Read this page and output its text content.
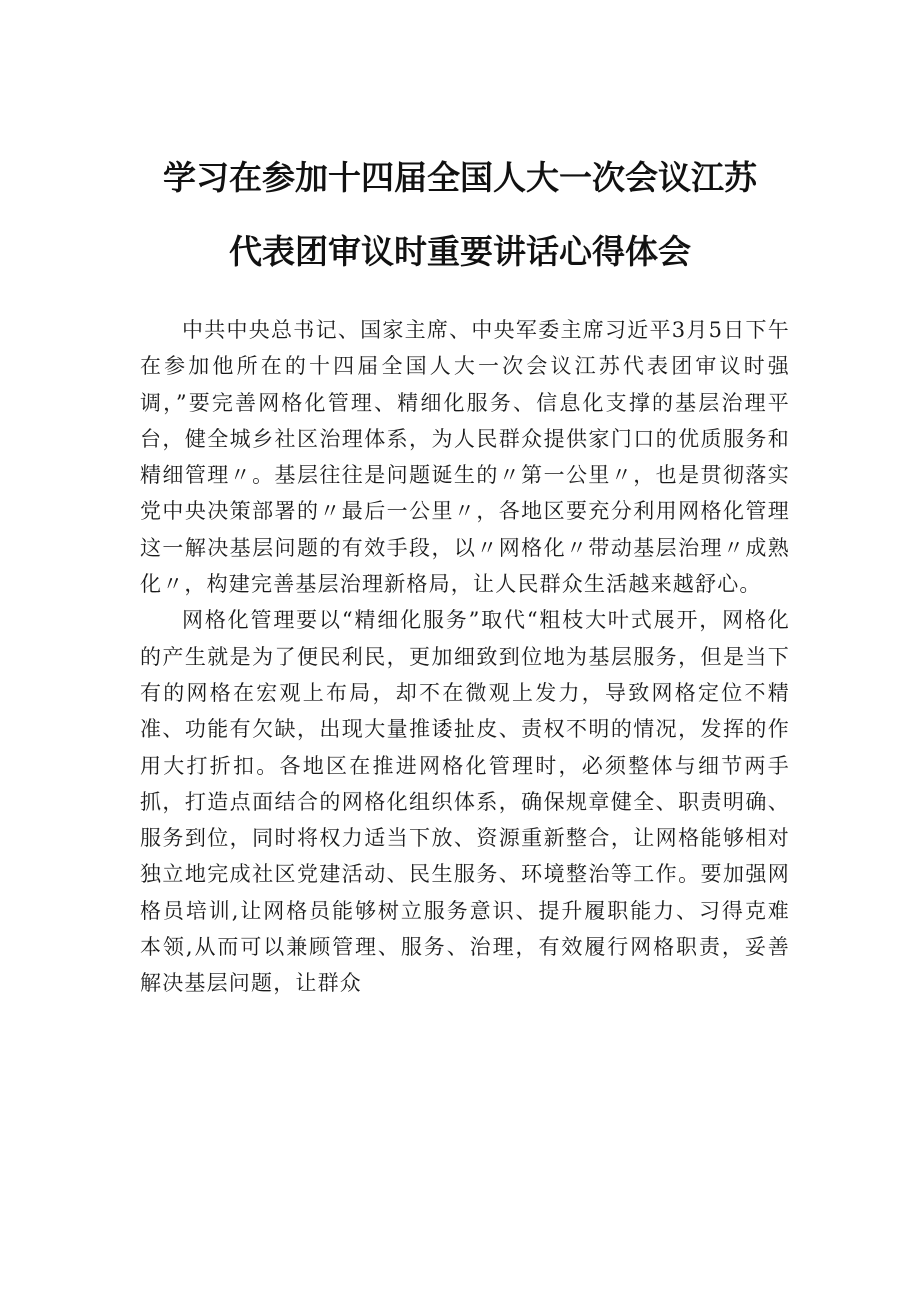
学习在参加十四届全国人大一次会议江苏
代表团审议时重要讲话心得体会

中共中央总书记、国家主席、中央军委主席习近平3月5日下午在参加他所在的十四届全国人大一次会议江苏代表团审议时强调，”要完善网格化管理、精细化服务、信息化支撑的基层治理平台，健全城乡社区治理体系，为人民群众提供家门口的优质服务和精细管理〃。基层往往是问题诞生的〃第一公里〃，也是贯彻落实党中央决策部署的〃最后一公里〃，各地区要充分利用网格化管理这一解决基层问题的有效手段，以〃网格化〃带动基层治理〃成熟化〃，构建完善基层治理新格局，让人民群众生活越来越舒心。

网格化管理要以“精细化服务”取代“粗枝大叶式展开，网格化的产生就是为了便民利民，更加细致到位地为基层服务，但是当下有的网格在宏观上布局，却不在微观上发力，导致网格定位不精准、功能有欠缺，出现大量推诿扯皮、责权不明的情况，发挥的作用大打折扣。各地区在推进网格化管理时，必须整体与细节两手抓，打造点面结合的网格化组织体系，确保规章健全、职责明确、服务到位，同时将权力适当下放、资源重新整合，让网格能够相对独立地完成社区党建活动、民生服务、环境整治等工作。要加强网格员培训,让网格员能够树立服务意识、提升履职能力、习得克难本领,从而可以兼顾管理、服务、治理，有效履行网格职责，妥善解决基层问题，让群众
